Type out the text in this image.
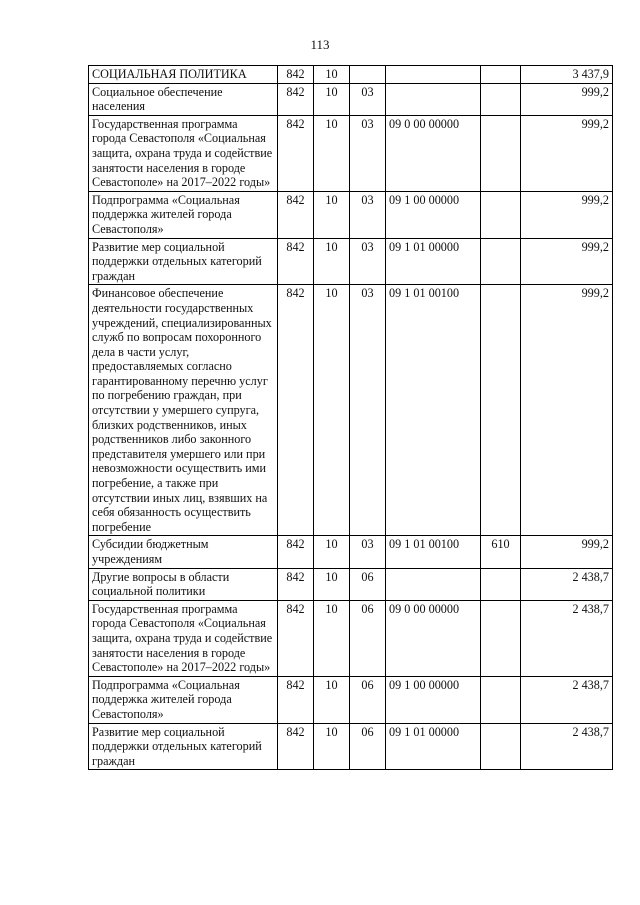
113
СОЦИАЛЬНАЯ ПОЛИТИКА	842	10				3 437,9
Социальное обеспечение населения	842	10	03			999,2
Государственная программа города Севастополя «Социальная защита, охрана труда и содействие занятости населения в городе Севастополе» на 2017–2022 годы»	842	10	03	09 0 00 00000		999,2
Подпрограмма «Социальная поддержка жителей города Севастополя»	842	10	03	09 1 00 00000		999,2
Развитие мер социальной поддержки отдельных категорий граждан	842	10	03	09 1 01 00000		999,2
Финансовое обеспечение деятельности государственных учреждений, специализированных служб по вопросам похоронного дела в части услуг, предоставляемых согласно гарантированному перечню услуг по погребению граждан, при отсутствии у умершего супруга, близких родственников, иных родственников либо законного представителя умершего или при невозможности осуществить ими погребение, а также при отсутствии иных лиц, взявших на себя обязанность осуществить погребение	842	10	03	09 1 01 00100		999,2
Субсидии бюджетным учреждениям	842	10	03	09 1 01 00100	610	999,2
Другие вопросы в области социальной политики	842	10	06			2 438,7
Государственная программа города Севастополя «Социальная защита, охрана труда и содействие занятости населения в городе Севастополе» на 2017–2022 годы»	842	10	06	09 0 00 00000		2 438,7
Подпрограмма «Социальная поддержка жителей города Севастополя»	842	10	06	09 1 00 00000		2 438,7
Развитие мер социальной поддержки отдельных категорий граждан	842	10	06	09 1 01 00000		2 438,7
